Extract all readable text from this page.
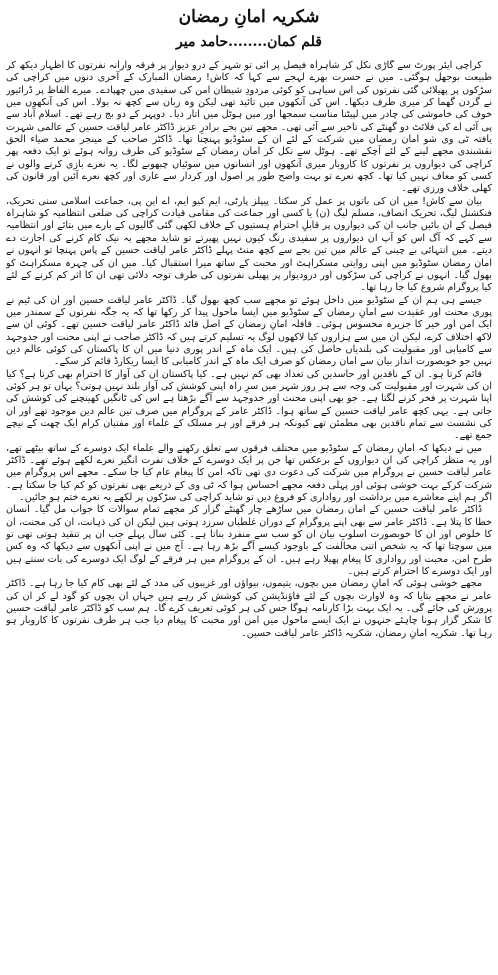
شکریہ امانِ رمضان
قلم کمان........حامد میر

کراچی ایئر پورٹ سے گاڑی نکل کر شاہراہ فیصل پر آئی تو شہر کے درو دیوار پر فرقہ وارانہ نفرتوں کا اظہار دیکھ کر طبیعت بوجھل ہوگئی۔ میں نے حسرت بھرے لہجے سے کہا کہ کاش! رمضان المبارک کے آخری دنوں میں کراچی کی سڑکوں پر پھیلائی گئی نفرتوں کی اس سیاہی کو کوئی مردودِ شیطان امن کی سفیدی میں چھپادے۔ میرے الفاظ پر ڈرائیور نے گردن گھما کر میری طرف دیکھا۔ اس کی آنکھوں میں تائید تھی لیکن وہ زبان سے کچھ نہ بولا۔ اس کی آنکھوں میں خوف کی خاموشی کی چادر میں لپیٹنا مناسب سمجھا اور میں ہوٹل میں اتار دیا۔ دوپہر کے دو بج رہے تھے۔ اسلام آباد سے پی آئی اے کی فلائٹ دو گھنٹے کی تاخیر سے آئی تھی۔ مجھے تین بجے برادرِ عزیز ڈاکٹر عامر لیاقت حسین کے عالمی شہرت یافتہ ٹی وی شو امان رمضان میں شرکت کے لئے ان کے سٹوڈیو پہنچنا تھا۔ ڈاکٹر صاحب کے مینجر محمد ضیاء الحق نقشبندی مجھے لینے کے لئے آچکے تھے۔ ہوٹل سے نکل کر امان رمضان کے سٹوڈیو کی طرف روانہ ہوئے تو ایک دفعہ پھر کراچی کی دیواروں پر نفرتوں کا کاروبار میری آنکھوں اور انسانوں میں سوئیاں چبھونے لگا۔ یہ نعرے بازی کرنے والوں نے کسی کو معاف نہیں کیا تھا۔ کچھ نعرے تو بہت واضح طور پر اصول اور کردار سے عاری اور کچھ نعرے آئین اور قانون کی کھلی خلاف ورزی تھے۔

بیان سے کاش! میں ان کی باتوں پر عمل کر سکتا۔ پیپلز پارٹی، ایم کیو ایم، اے این پی، جماعت اسلامی سنی تحریک، فنکشنل لیگ، تحریک انصاف، مسلم لیگ (ن) یا کسی اور جماعت کی مقامی قیادت کراچی کی ضلعی انتظامیہ کو شاہراہ فیصل کے ان بائیں جانب ان کی دیواروں پر قابلِ احترام ہستیوں کے خلاف لکھی گئی گالیوں کے بارے میں بتائے اور انتظامیہ سے کہے کہ آگ اس کو آپ ان دیواروں پر سفیدی رنگ کیوں نہیں پھیرتے تو شاید مجھے یہ نیک کام کرنے کی اجازت دے دیتے۔ میں انتہائی بے چینی کے عالم میں تین بجے سے کچھ منٹ پہلے ڈاکٹر عامر لیاقت حسین کے پاس پہنچا تو انہوں نے امان رمضان سٹوڈیو میں اپنی روایتی مسکراہٹ اور محبت کے ساتھ میرا استقبال کیا۔ میں ان کی چہرہ مسکراہٹ کو بھول گیا۔ انہوں نے کراچی کی سڑکوں اور درودیوار پر پھیلی نفرتوں کی طرف توجہ دلائی تھی ان کا اثر کم کرنے کے لئے کیا پروگرام شروع کیا جا رہا تھا۔

جیسے ہی ہم ان کے سٹوڈیو میں داخل ہوئے تو مجھے سب کچھ بھول گیا۔ ڈاکٹر عامر لیاقت حسین اور ان کی ٹیم نے پوری محنت اور عقیدت سے امانِ رمضان کے سٹوڈیو میں ایسا ماحول پیدا کر رکھا تھا کہ یہ جگہ نفرتوں کے سمندر میں ایک امن اور خیر کا جزیرہ محسوس ہوئی۔ قافلہ امانِ رمضان کے اصل قائد ڈاکٹر عامر لیاقت حسین تھے۔ کوئی ان سے لاکھ اختلاف کرے، لیکن ان میں سے ہزاروں کیا لاکھوں لوگ یہ تسلیم کرتے ہیں کہ ڈاکٹر صاحب نے اپنی محنت اور جدوجہد سے کامیابی اور مقبولیت کی بلندیاں حاصل کی ہیں۔ ایک ماہ کے اندر پوری دنیا میں ان کا پاکستان کی کوئی عالم دین نہیں جو خوبصورت انداز بیان سے امان رمضان کو صرف ایک ماہ کے اندر کامیابی کا ایسا ریکارڈ قائم کر سکے۔

قائم کرتا ہو۔ ان کے ناقدین اور حاسدین کی تعداد بھی کم نہیں ہے۔ کیا پاکستان ان کی آواز کا احترام بھی کرتا ہے؟ کیا ان کی شہرت اور مقبولیت کی وجہ سے ہر روز شہر میں سرِ راہ اپنی کوشش کی آواز بلند نہیں ہوتی؟ یہاں تو ہر کوئی اپنا شہرت پر فخر کرنے لگتا ہے۔ جو بھی اپنی محنت اور جدوجہد سے آگے بڑھتا ہے اس کی ٹانگیں کھینچنے کی کوشش کی جاتی ہے۔ یہی کچھ عامر لیاقت حسین کے ساتھ ہوا۔ ڈاکٹر عامر کے پروگرام میں صرف تین عالم دین موجود تھے اور ان کی نشست سے تمام ناقدین بھی مطمئن تھے کیونکہ ہر فرقے اور ہر مسلک کے علماء اور مفتیان کرام ایک چھت کے نیچے جمع تھے۔

میں نے دیکھا کہ امانِ رمضان کے سٹوڈیو میں مختلف فرقوں سے تعلق رکھنے والے علماء ایک دوسرے کے ساتھ بیٹھے تھے، اور یہ منظر کراچی کی ان دیواروں کے برعکس تھا جن پر ایک دوسرے کے خلاف نفرت انگیز نعرے لکھے ہوئے تھے۔ ڈاکٹر عامر لیاقت حسین نے پروگرام میں شرکت کی دعوت دی تھی تاکہ امن کا پیغام عام کیا جا سکے۔ مجھے اس پروگرام میں شرکت کرکے بہت خوشی ہوئی اور پہلی دفعہ مجھے احساس ہوا کہ ٹی وی کے ذریعے بھی نفرتوں کو کم کیا جا سکتا ہے۔ اگر ہم اپنے معاشرے میں برداشت اور رواداری کو فروغ دیں تو شاید کراچی کی سڑکوں پر لکھے یہ نعرے ختم ہو جائیں۔

ڈاکٹر عامر لیاقت حسین کے امان رمضان میں ساڑھے چار گھنٹے گزار کر مجھے تمام سوالات کا جواب مل گیا۔ انسان خطا کا پتلا ہے۔ ڈاکٹر عامر سے بھی اپنے پروگرام کے دوران غلطیاں سرزد ہوتی ہیں لیکن ان کی ذہانت، ان کی محنت، ان کا خلوص اور ان کا خوبصورت اسلوبِ بیان ان کو سب سے منفرد بناتا ہے۔ کئی سال پہلے جب ان پر تنقید ہوتی تھی تو میں سوچتا تھا کہ یہ شخص اتنی مخالفت کے باوجود کیسے آگے بڑھ رہا ہے۔ آج میں نے اپنی آنکھوں سے دیکھا کہ وہ کس طرح امن، محبت اور رواداری کا پیغام پھیلا رہے ہیں۔ ان کے پروگرام میں ہر فرقے کے لوگ ایک دوسرے کی بات سنتے ہیں اور ایک دوسرے کا احترام کرتے ہیں۔

مجھے خوشی ہوئی کہ امانِ رمضان میں بچوں، یتیموں، بیواؤں اور غریبوں کی مدد کے لئے بھی کام کیا جا رہا ہے۔ ڈاکٹر عامر نے مجھے بتایا کہ وہ لاوارث بچوں کے لئے فاؤنڈیشن کی کوشش کر رہے ہیں جہاں ان بچوں کو گود لے کر ان کی پرورش کی جائے گی۔ یہ ایک بہت بڑا کارنامہ ہوگا جس کی ہر کوئی تعریف کرے گا۔ ہم سب کو ڈاکٹر عامر لیاقت حسین کا شکر گزار ہونا چاہئے جنہوں نے ایک ایسے ماحول میں امن اور محبت کا پیغام دیا جب ہر طرف نفرتوں کا کاروبار ہو رہا تھا۔ شکریہ امانِ رمضان، شکریہ ڈاکٹر عامر لیاقت حسین۔
